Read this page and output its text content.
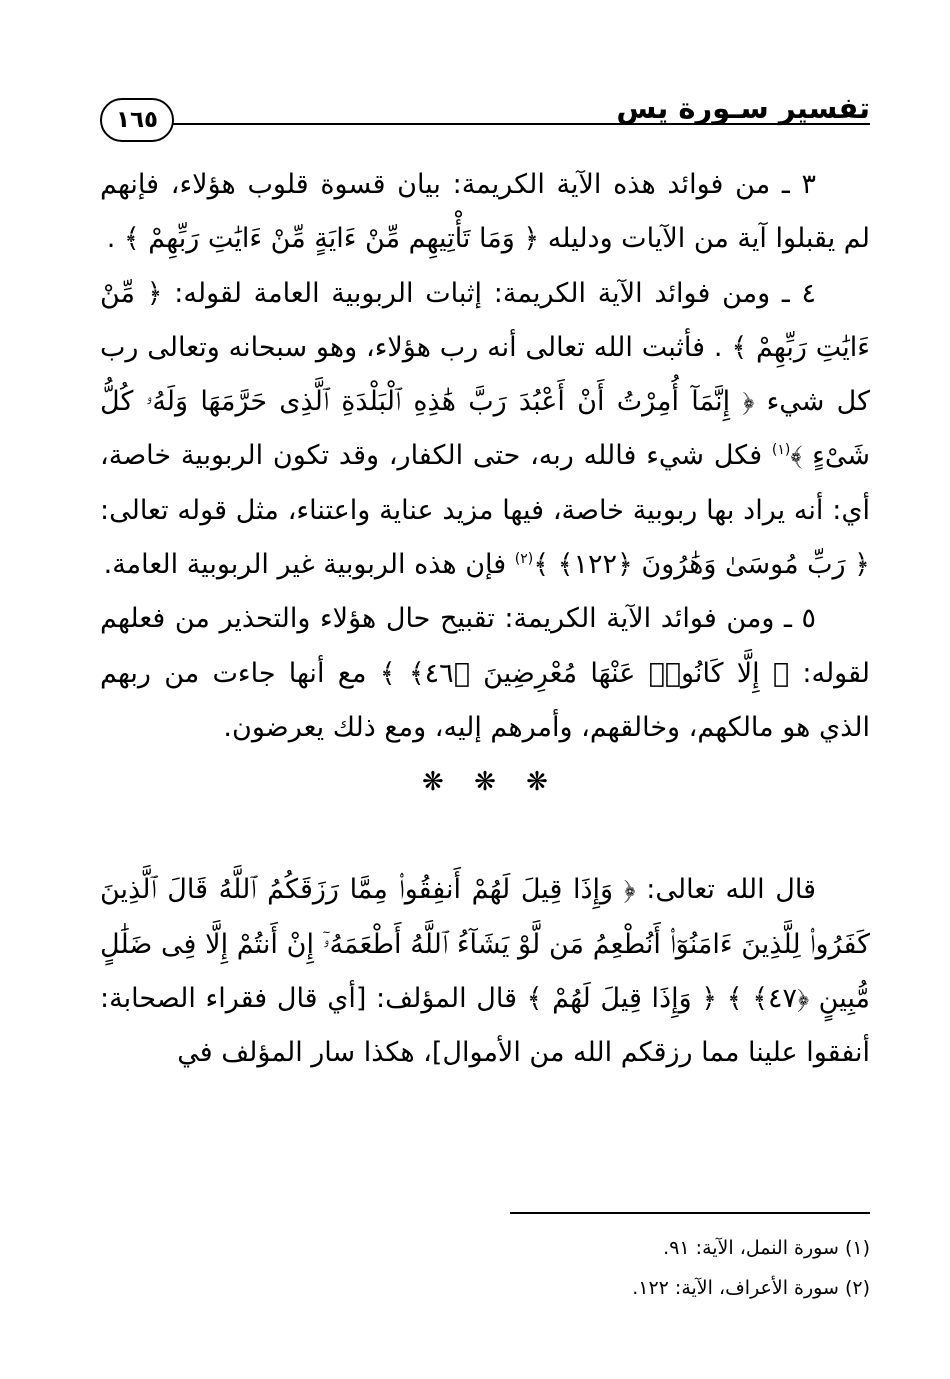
تفسير سـورة يس
١٦٥

٣ ـ من فوائد هذه الآية الكريمة: بيان قسوة قلوب هؤلاء، فإنهم لم يقبلوا آية من الآيات ودليله ﴿ وَمَا تَأْتِيهِم مِّنْ ءَايَةٍ مِّنْ ءَايَٰتِ رَبِّهِمْ ﴾ .

٤ ـ ومن فوائد الآية الكريمة: إثبات الربوبية العامة لقوله: ﴿ مِّنْ ءَايَٰتِ رَبِّهِمْ ﴾ . فأثبت الله تعالى أنه رب هؤلاء، وهو سبحانه وتعالى رب كل شيء ﴿ إِنَّمَآ أُمِرْتُ أَنْ أَعْبُدَ رَبَّ هَٰذِهِ ٱلْبَلْدَةِ ٱلَّذِى حَرَّمَهَا وَلَهُۥ كُلُّ شَىْءٍ ﴾$^{(١)}$ فكل شيء فالله ربه، حتى الكفار، وقد تكون الربوبية خاصة، أي: أنه يراد بها ربوبية خاصة، فيها مزيد عناية واعتناء، مثل قوله تعالى: ﴿ رَبِّ مُوسَىٰ وَهَٰرُونَ ﴿١٢٢﴾ ﴾$^{(٢)}$ فإن هذه الربوبية غير الربوبية العامة.

٥ ـ ومن فوائد الآية الكريمة: تقبيح حال هؤلاء والتحذير من فعلهم لقوله: ﴿ إِلَّا كَانُوا۟ عَنْهَا مُعْرِضِينَ ﴿٤٦﴾ ﴾ مع أنها جاءت من ربهم الذي هو مالكهم، وخالقهم، وأمرهم إليه، ومع ذلك يعرضون.

❋ ❋ ❋

قال الله تعالى: ﴿ وَإِذَا قِيلَ لَهُمْ أَنفِقُوا۟ مِمَّا رَزَقَكُمُ ٱللَّهُ قَالَ ٱلَّذِينَ كَفَرُوا۟ لِلَّذِينَ ءَامَنُوٓا۟ أَنُطْعِمُ مَن لَّوْ يَشَآءُ ٱللَّهُ أَطْعَمَهُۥٓ إِنْ أَنتُمْ إِلَّا فِى ضَلَٰلٍ مُّبِينٍ ﴿٤٧﴾ ﴾ ﴿ وَإِذَا قِيلَ لَهُمْ ﴾ قال المؤلف: [أي قال فقراء الصحابة: أنفقوا علينا مما رزقكم الله من الأموال]، هكذا سار المؤلف في

(١) سورة النمل، الآية: ٩١.

(٢) سورة الأعراف، الآية: ١٢٢.
